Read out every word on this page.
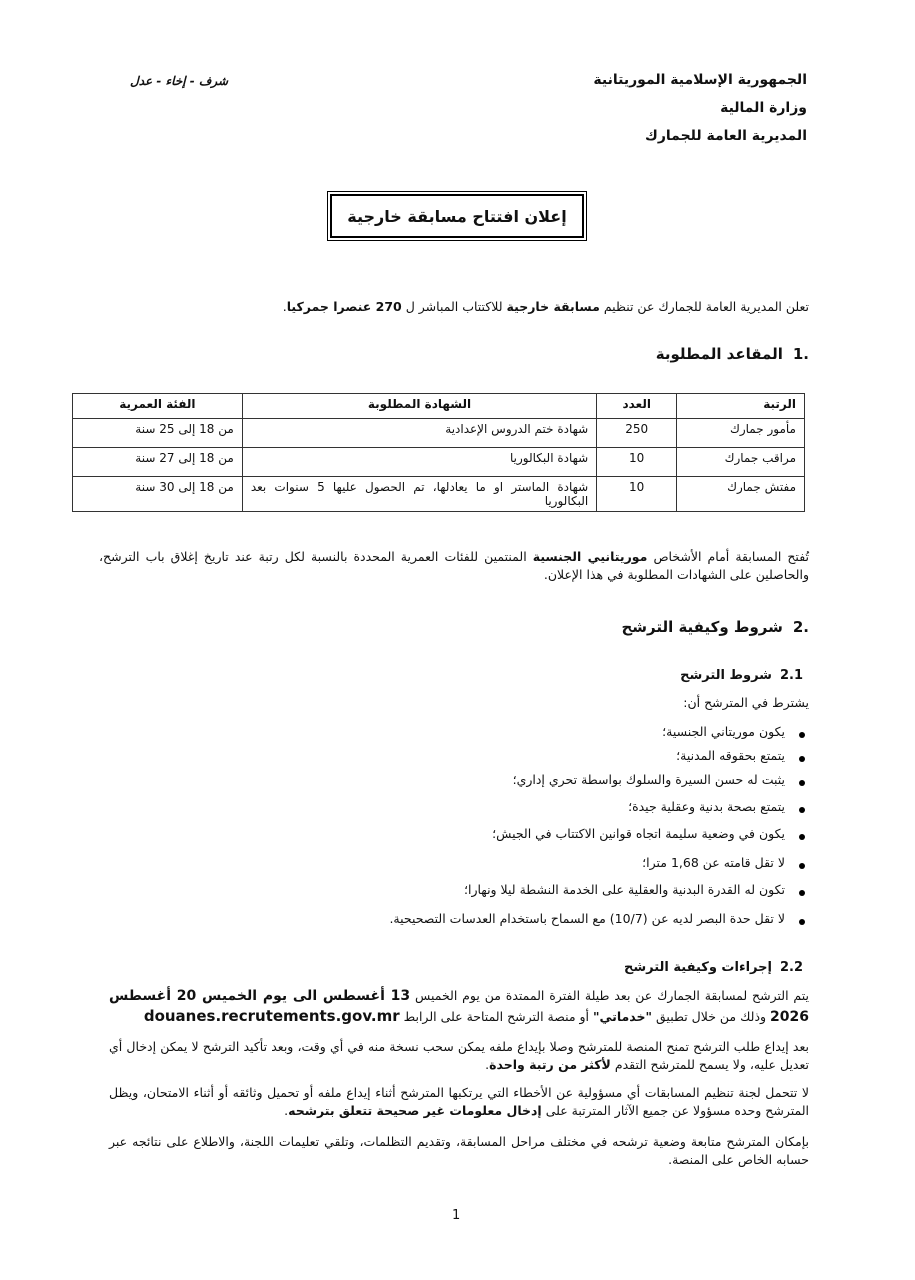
الجمهورية الإسلامية الموريتانية
وزارة المالية
المديرية العامة للجمارك
شرف - إخاء - عدل
إعلان افتتاح مسابقة خارجية
تعلن المديرية العامة للجمارك عن تنظيم مسابقة خارجية للاكتتاب المباشر ل 270 عنصرا جمركيا.
1.
المقاعد المطلوبة
الرتبة	العدد	الشهادة المطلوبة	الفئة العمرية
مأمور جمارك	250	شهادة ختم الدروس الإعدادية	من 18 إلى 25 سنة
مراقب جمارك	10	شهادة البكالوريا	من 18 إلى 27 سنة
مفتش جمارك	10	شهادة الماستر او ما يعادلها، تم الحصول عليها 5 سنوات بعد البكالوريا	من 18 إلى 30 سنة
تُفتح المسابقة أمام الأشخاص موريتانيي الجنسية المنتمين للفئات العمرية المحددة بالنسبة لكل رتبة عند تاريخ إغلاق باب الترشح، والحاصلين على الشهادات المطلوبة في هذا الإعلان.
2.
شروط وكيفية الترشح
2.1
شروط الترشح
يشترط في المترشح أن:
يكون موريتاني الجنسية؛
يتمتع بحقوقه المدنية؛
يثبت له حسن السيرة والسلوك بواسطة تحري إداري؛
يتمتع بصحة بدنية وعقلية جيدة؛
يكون في وضعية سليمة اتجاه قوانين الاكتتاب في الجيش؛
لا تقل قامته عن 1,68 مترا؛
تكون له القدرة البدنية والعقلية على الخدمة النشطة ليلا ونهارا؛
لا تقل حدة البصر لديه عن (10/7) مع السماح باستخدام العدسات التصحيحية.
2.2
إجراءات وكيفية الترشح
يتم الترشح لمسابقة الجمارك عن بعد طيلة الفترة الممتدة من يوم الخميس 13 أغسطس الى يوم الخميس 20 أغسطس 2026 وذلك من خلال تطبيق "خدماتي" أو منصة الترشح المتاحة على الرابط douanes.recrutements.gov.mr
بعد إيداع طلب الترشح تمنح المنصة للمترشح وصلا بإيداع ملفه يمكن سحب نسخة منه في أي وقت، وبعد تأكيد الترشح لا يمكن إدخال أي تعديل عليه، ولا يسمح للمترشح التقدم لأكثر من رتبة واحدة.
لا تتحمل لجنة تنظيم المسابقات أي مسؤولية عن الأخطاء التي يرتكبها المترشح أثناء إيداع ملفه أو تحميل وثائقه أو أثناء الامتحان، ويظل المترشح وحده مسؤولا عن جميع الآثار المترتبة على إدخال معلومات غير صحيحة تتعلق بترشحه.
بإمكان المترشح متابعة وضعية ترشحه في مختلف مراحل المسابقة، وتقديم التظلمات، وتلقي تعليمات اللجنة، والاطلاع على نتائجه عبر حسابه الخاص على المنصة.
1
